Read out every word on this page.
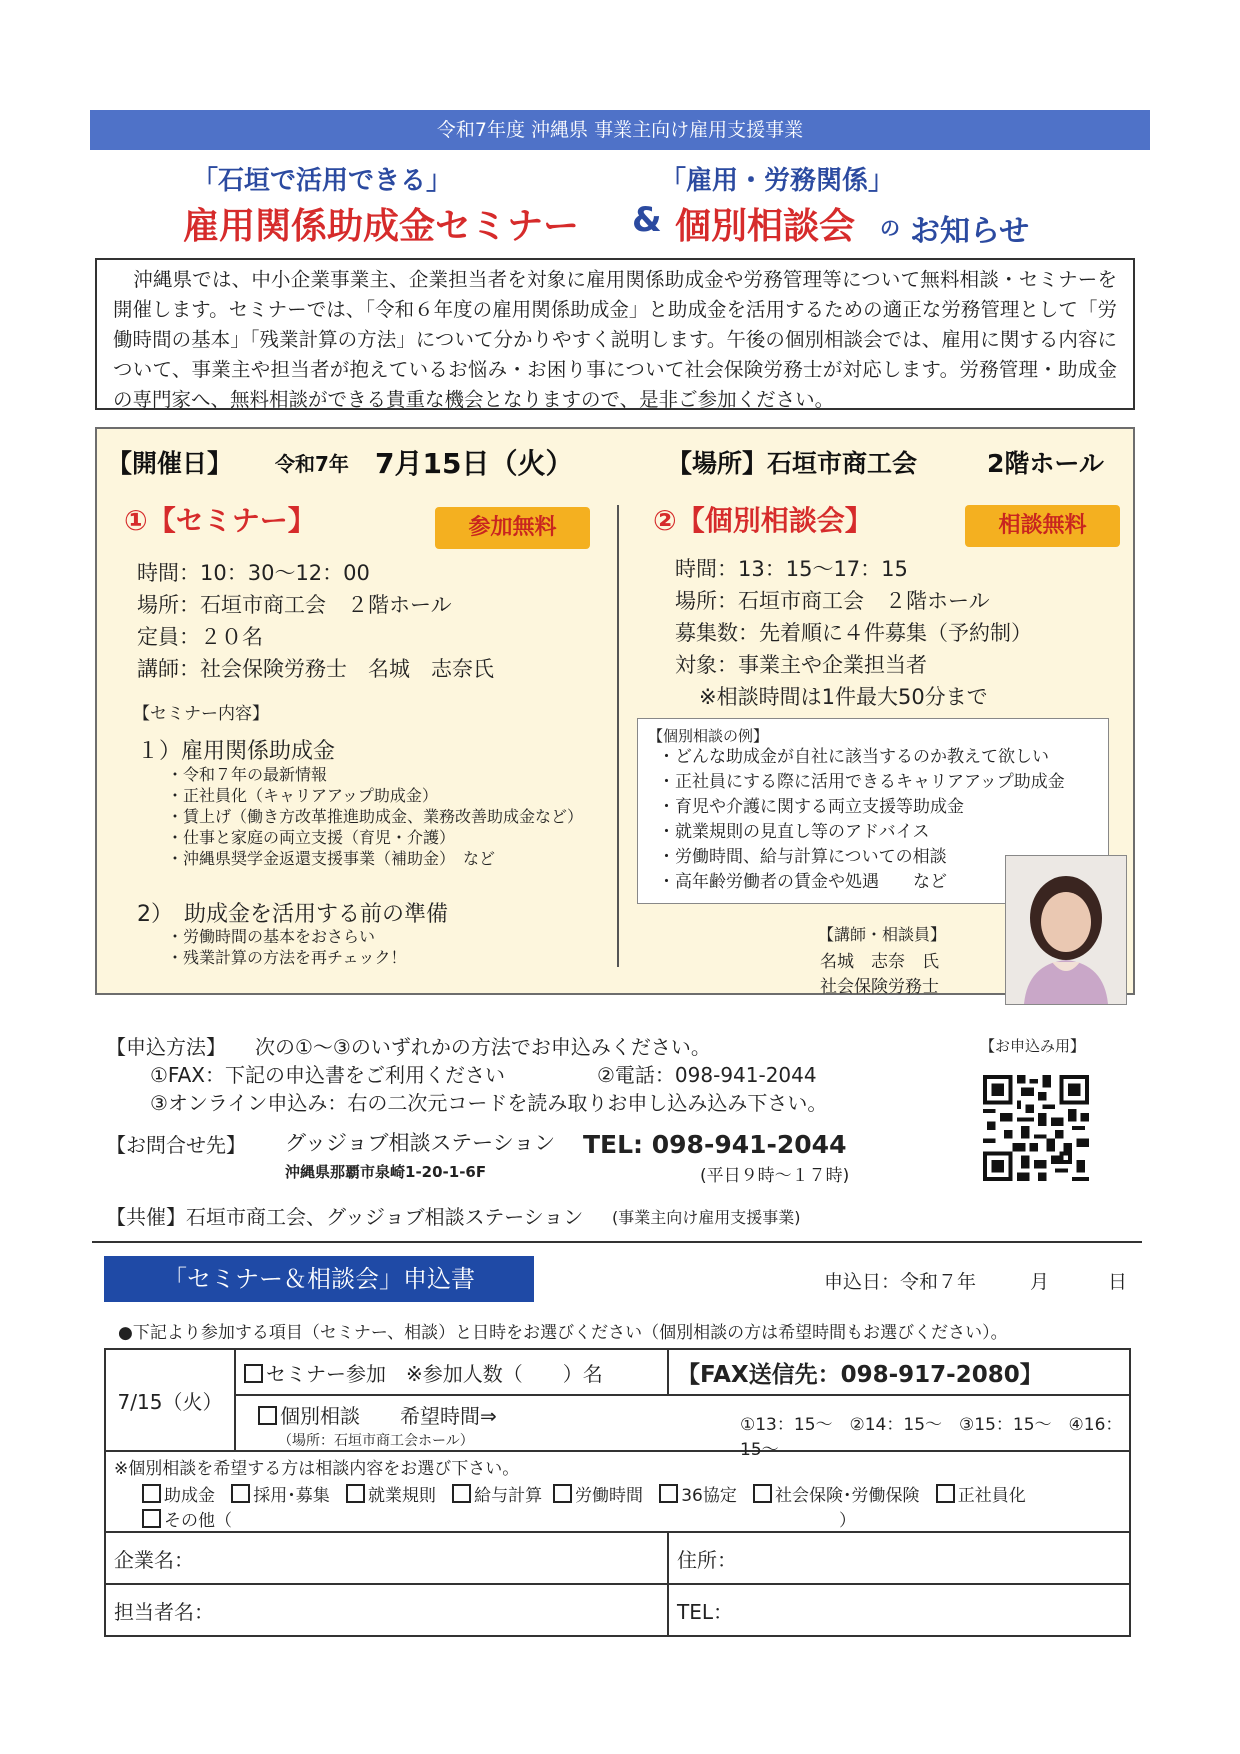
令和7年度 沖縄県 事業主向け雇用支援事業
「石垣で活用できる」	「雇用・労務関係」
雇用関係助成金セミナー & 個別相談会 の お知らせ
沖縄県では、中小企業事業主、企業担当者を対象に雇用関係助成金や労務管理等について無料相談・セミナーを開催します。セミナーでは、「令和６年度の雇用関係助成金」と助成金を活用するための適正な労務管理として「労働時間の基本」「残業計算の方法」について分かりやすく説明します。午後の個別相談会では、雇用に関する内容について、事業主や担当者が抱えているお悩み・お困り事について社会保険労務士が対応します。労務管理・助成金の専門家へ、無料相談ができる貴重な機会となりますので、是非ご参加ください。
【開催日】 令和7年 7月15日（火）	【場所】石垣市商工会	2階ホール
①【セミナー】	参加無料
時間：10：30〜12：00
場所：石垣市商工会　２階ホール
定員：２０名
講師：社会保険労務士　名城　志奈氏
【セミナー内容】
１）雇用関係助成金
・令和７年の最新情報
・正社員化（キャリアアップ助成金）
・賃上げ（働き方改革推進助成金、業務改善助成金など）
・仕事と家庭の両立支援（育児・介護）
・沖縄県奨学金返還支援事業（補助金）　など
2）　助成金を活用する前の準備
・労働時間の基本をおさらい
・残業計算の方法を再チェック！
②【個別相談会】	相談無料
時間：13：15〜17：15
場所：石垣市商工会　２階ホール
募集数：先着順に４件募集（予約制）
対象：事業主や企業担当者
※相談時間は1件最大50分まで
【個別相談の例】
・どんな助成金が自社に該当するのか教えて欲しい
・正社員にする際に活用できるキャリアアップ助成金
・育児や介護に関する両立支援等助成金
・就業規則の見直し等のアドバイス
・労働時間、給与計算についての相談
・高年齢労働者の賃金や処遇　　など
【講師・相談員】
名城　志奈　氏
社会保険労務士
【申込方法】 次の①〜③のいずれかの方法でお申込みください。
①FAX：下記の申込書をご利用ください	②電話：098-941-2044
③オンライン申込み：右の二次元コードを読み取りお申し込み込み下さい。
【お申込み用】
【お問合せ先】 グッジョブ相談ステーション TEL: 098-941-2044
沖縄県那覇市泉崎1-20-1-6F	(平日９時〜１７時)
【共催】石垣市商工会、グッジョブ相談ステーション (事業主向け雇用支援事業)
「セミナー＆相談会」申込書	申込日：令和７年	月	日
●下記より参加する項目（セミナー、相談）と日時をお選びください（個別相談の方は希望時間もお選びください）。
7/15（火）	セミナー参加　※参加人数（　　）名	【FAX送信先：098-917-2080】

	個別相談　　希望時間⇒
（場所：石垣市商工会ホール）
①13：15〜　②14：15〜　③15：15〜　④16：15〜	

※個別相談を希望する方は相談内容をお選び下さい。
助成金 採用･募集 就業規則 給与計算 労働時間 36協定 社会保険･労働保険 正社員化
その他（ ）		

企業名：		住所：
担当者名：		TEL：
